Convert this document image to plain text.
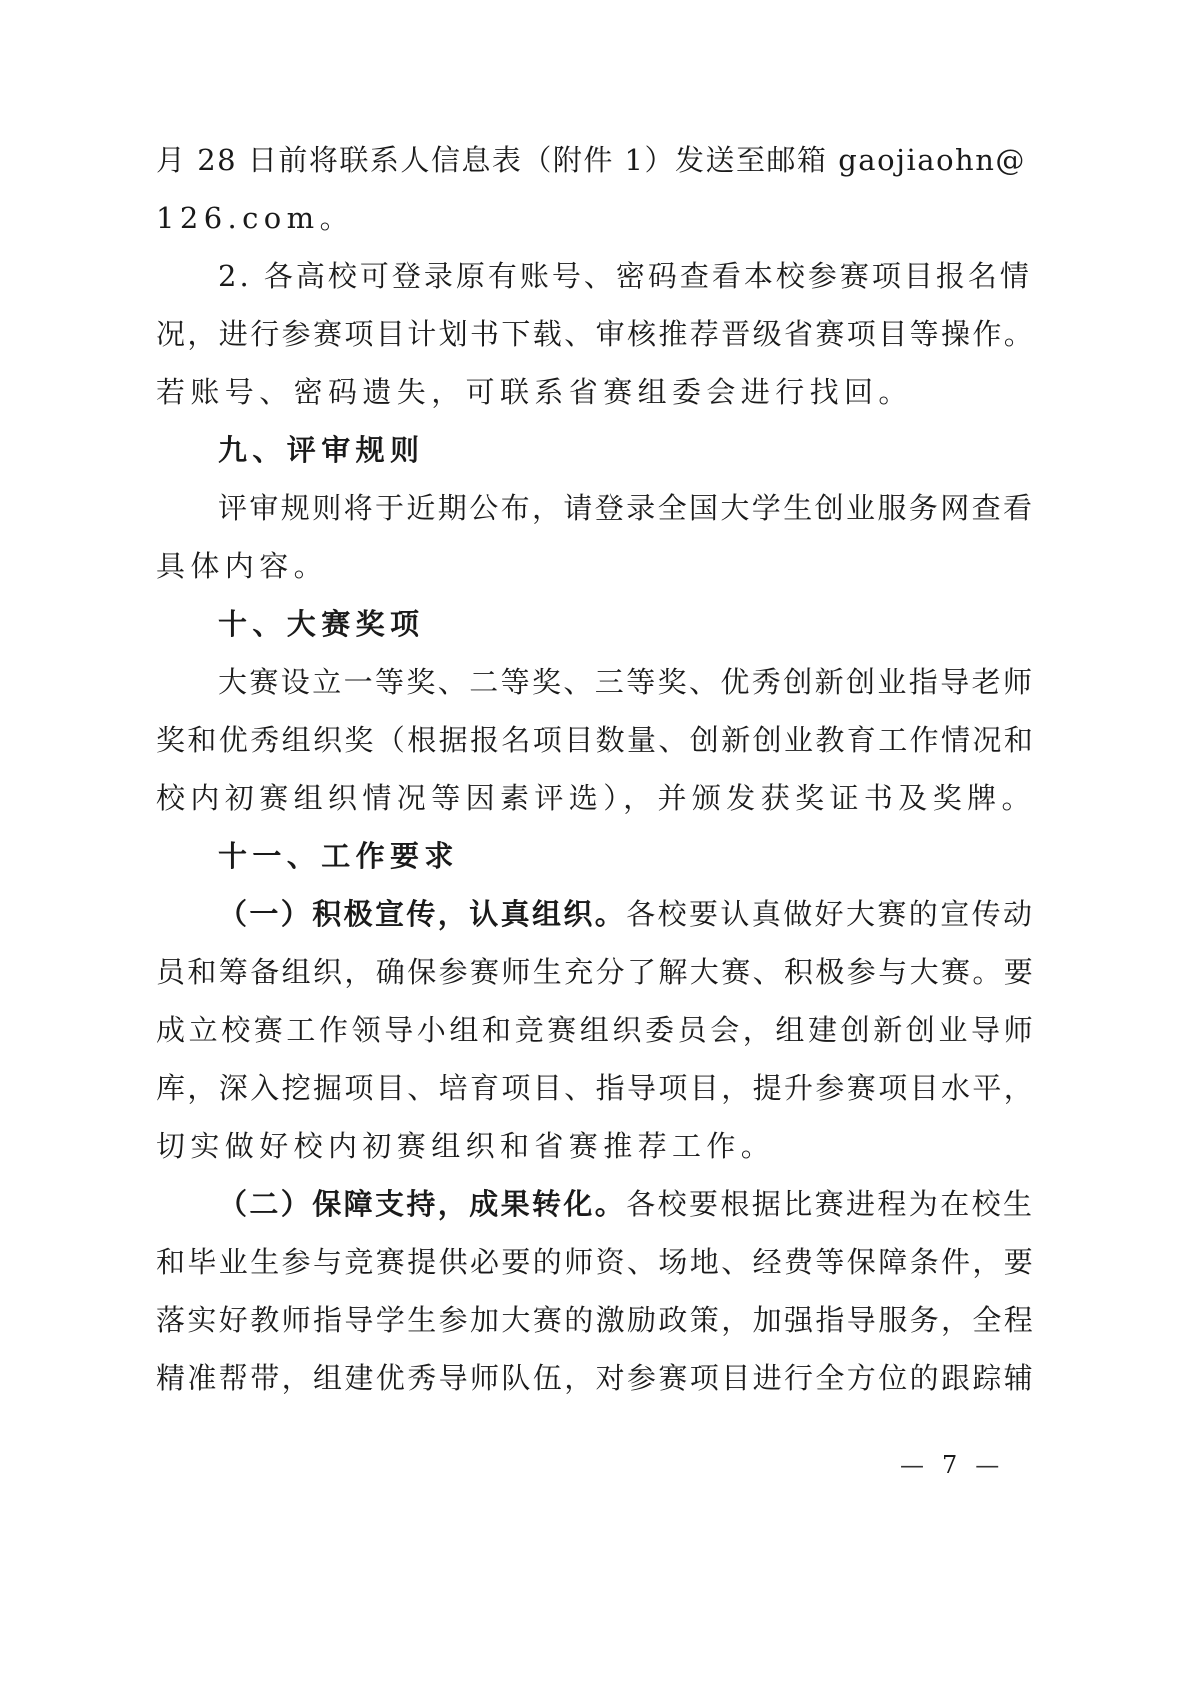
月 28 日前将联系人信息表（附件 1）发送至邮箱 gaojiaohn@
126.com。
2. 各高校可登录原有账号、密码查看本校参赛项目报名情
况，进行参赛项目计划书下载、审核推荐晋级省赛项目等操作。
若账号、密码遗失，可联系省赛组委会进行找回。
九、评审规则
评审规则将于近期公布，请登录全国大学生创业服务网查看
具体内容。
十、大赛奖项
大赛设立一等奖、二等奖、三等奖、优秀创新创业指导老师
奖和优秀组织奖（根据报名项目数量、创新创业教育工作情况和
校内初赛组织情况等因素评选），并颁发获奖证书及奖牌。
十一、工作要求
（一）积极宣传，认真组织。各校要认真做好大赛的宣传动
员和筹备组织，确保参赛师生充分了解大赛、积极参与大赛。要
成立校赛工作领导小组和竞赛组织委员会，组建创新创业导师
库，深入挖掘项目、培育项目、指导项目，提升参赛项目水平，
切实做好校内初赛组织和省赛推荐工作。
（二）保障支持，成果转化。各校要根据比赛进程为在校生
和毕业生参与竞赛提供必要的师资、场地、经费等保障条件，要
落实好教师指导学生参加大赛的激励政策，加强指导服务，全程
精准帮带，组建优秀导师队伍，对参赛项目进行全方位的跟踪辅
— 7 —
